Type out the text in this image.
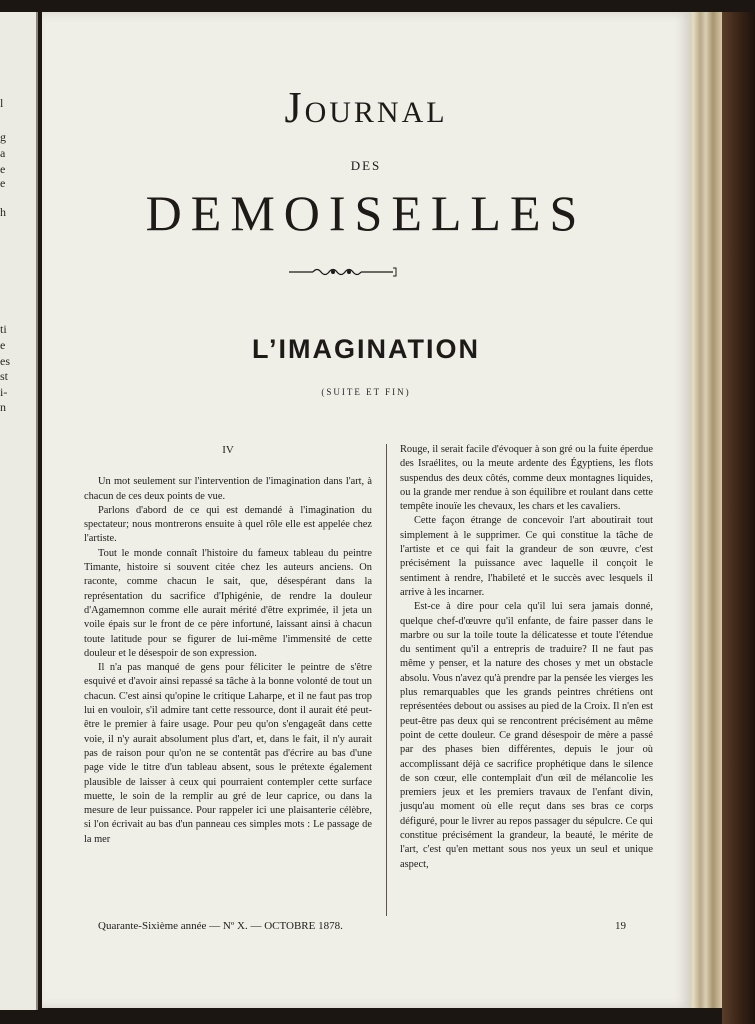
l
g
a
e
e
h
ti
e
es
st
i-
n
JOURNAL
DES
DEMOISELLES
L’IMAGINATION
(SUITE ET FIN)
IV

Un mot seulement sur l'intervention de l'imagination dans l'art, à chacun de ces deux points de vue.

Parlons d'abord de ce qui est demandé à l'imagination du spectateur; nous montrerons ensuite à quel rôle elle est appelée chez l'artiste.

Tout le monde connaît l'histoire du fameux tableau du peintre Timante, histoire si souvent citée chez les auteurs anciens. On raconte, comme chacun le sait, que, désespérant dans la représentation du sacrifice d'Iphigénie, de rendre la douleur d'Agamemnon comme elle aurait mérité d'être exprimée, il jeta un voile épais sur le front de ce père infortuné, laissant ainsi à chacun toute latitude pour se figurer de lui-même l'immensité de cette douleur et le désespoir de son expression.

Il n'a pas manqué de gens pour féliciter le peintre de s'être esquivé et d'avoir ainsi repassé sa tâche à la bonne volonté de tout un chacun. C'est ainsi qu'opine le critique Laharpe, et il ne faut pas trop lui en vouloir, s'il admire tant cette ressource, dont il aurait été peut-être le premier à faire usage. Pour peu qu'on s'engageât dans cette voie, il n'y aurait absolument plus d'art, et, dans le fait, il n'y aurait pas de raison pour qu'on ne se contentât pas d'écrire au bas d'une page vide le titre d'un tableau absent, sous le prétexte également plausible de laisser à ceux qui pourraient contempler cette surface muette, le soin de la remplir au gré de leur caprice, ou dans la mesure de leur puissance. Pour rappeler ici une plaisanterie célèbre, si l'on écrivait au bas d'un panneau ces simples mots : Le passage de la mer

Rouge, il serait facile d'évoquer à son gré ou la fuite éperdue des Israélites, ou la meute ardente des Égyptiens, les flots suspendus des deux côtés, comme deux montagnes liquides, ou la grande mer rendue à son équilibre et roulant dans cette tempête inouïe les chevaux, les chars et les cavaliers.

Cette façon étrange de concevoir l'art aboutirait tout simplement à le supprimer. Ce qui constitue la tâche de l'artiste et ce qui fait la grandeur de son œuvre, c'est précisément la puissance avec laquelle il conçoit le sentiment à rendre, l'habileté et le succès avec lesquels il arrive à les incarner.

Est-ce à dire pour cela qu'il lui sera jamais donné, quelque chef-d'œuvre qu'il enfante, de faire passer dans le marbre ou sur la toile toute la délicatesse et toute l'étendue du sentiment qu'il a entrepris de traduire? Il ne faut pas même y penser, et la nature des choses y met un obstacle absolu. Vous n'avez qu'à prendre par la pensée les vierges les plus remarquables que les grands peintres chrétiens ont représentées debout ou assises au pied de la Croix. Il n'en est peut-être pas deux qui se rencontrent précisément au même point de cette douleur. Ce grand désespoir de mère a passé par des phases bien différentes, depuis le jour où accomplissant déjà ce sacrifice prophétique dans le silence de son cœur, elle contemplait d'un œil de mélancolie les premiers jeux et les premiers travaux de l'enfant divin, jusqu'au moment où elle reçut dans ses bras ce corps défiguré, pour le livrer au repos passager du sépulcre. Ce qui constitue précisément la grandeur, la beauté, le mérite de l'art, c'est qu'en mettant sous nos yeux un seul et unique aspect,

Quarante-Sixième année — Nº X. — OCTOBRE 1878.	19
